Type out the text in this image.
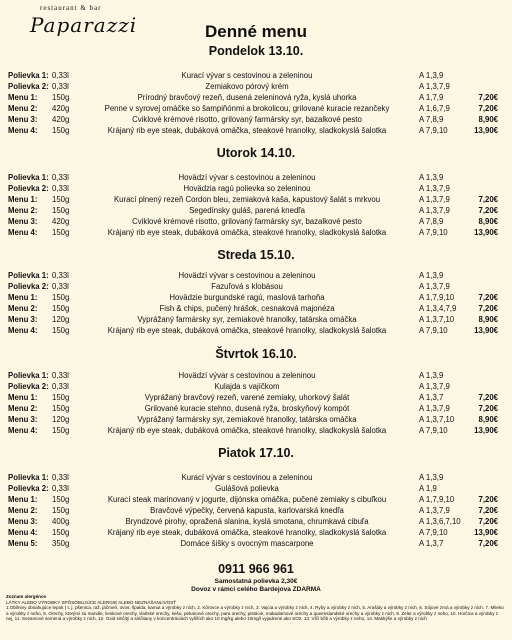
restaurant & bar
Paparazzi	Denné menu
Pondelok 13.10.
Polievka 1: 0,33l	Kurací vývar s cestovinou a zeleninou	A 1,3,9
Polievka 2: 0,33l	Zemiakovo pórový krém	A 1,3,7,9
Menu 1: 150g	Prírodný bravčový rezeň, dusená zeleninová ryža, kyslá uhorka	A 1,7,9	7,20€
Menu 2: 420g	Penne v syrovej omáčke so šampiňónmi a brokolicou, grilované kuracie rezančeky	A 1,6,7,9	7,20€
Menu 3: 420g	Cviklové krémové risotto, grilovaný farmársky syr, bazalkové pesto	A 7,8,9	8,90€
Menu 4: 150g	Krájaný rib eye steak, dubáková omáčka, steakové hranolky, sladkokyslá šalotka	A 7,9,10	13,90€
Utorok 14.10.
Polievka 1: 0,33l	Hovädzí vývar s cestovinou a zeleninou	A 1,3,9
Polievka 2: 0,33l	Hovädzia ragú polievka so zeleninou	A 1,3,7,9
Menu 1: 150g	Kurací plnený rezeň Cordon bleu, zemiaková kaša, kapustový šalát s mrkvou	A 1,3,7,9	7,20€
Menu 2: 150g	Segedínsky guláš, parená knedľa	A 1,3,7,9	7,20€
Menu 3: 420g	Cviklové krémové risotto, grilovaný farmársky syr, bazalkové pesto	A 7,8,9	8,90€
Menu 4: 150g	Krájaný rib eye steak, dubáková omáčka, steakové hranolky, sladkokyslá šalotka	A 7,9,10	13,90€
Streda 15.10.
Polievka 1: 0,33l	Hovädzí vývar s cestovinou a zeleninou	A 1,3,9
Polievka 2: 0,33l	Fazuľová s klobásou	A 1,3,7,9
Menu 1: 150g	Hovädzie burgundské ragú, maslová tarhoňa	A 1,7,9,10	7,20€
Menu 2: 150g	Fish & chips, pučený hrášok, cesnaková majonéza	A 1,3,4,7,9	7,20€
Menu 3: 120g	Vyprážaný farmársky syr, zemiakové hranolky, tatárska omáčka	A 1,3,7,10	8,90€
Menu 4: 150g	Krájaný rib eye steak, dubáková omáčka, steakové hranolky, sladkokyslá šalotka	A 7,9,10	13,90€
Štvrtok 16.10.
Polievka 1: 0,33l	Hovädzí vývar s cestovinou a zeleninou	A 1,3,9
Polievka 2: 0,33l	Kulajda s vajíčkom	A 1,3,7,9
Menu 1: 150g	Vyprážaný bravčový rezeň, varené zemiaky, uhorkový šalát	A 1,3,7	7,20€
Menu 2: 150g	Grilované kuracie stehno, dusená ryža, broskyňový kompót	A 1,3,7,9	7,20€
Menu 3: 120g	Vyprážaný farmársky syr, zemiakové hranolky, tatárska omáčka	A 1,3,7,10	8,90€
Menu 4: 150g	Krájaný rib eye steak, dubáková omáčka, steakové hranolky, sladkokyslá šalotka	A 7,9,10	13,90€
Piatok 17.10.
Polievka 1: 0,33l	Kurací vývar s cestovinou a zeleninou	A 1,3,9
Polievka 2: 0,33l	Gulášová polievka	A 1,9
Menu 1: 150g	Kurací steak marinovaný v jogurte, dijónska omáčka, pučené zemiaky s cibuľkou	A 1,7,9,10	7,20€
Menu 2: 150g	Bravčové výpečky, červená kapusta, karlovarská knedľa	A 1,3,7,9	7,20€
Menu 3: 400g	Bryndzové pirohy, opražená slanina, kyslá smotana, chrumkavá cibuľa	A 1,3,6,7,10	7,20€
Menu 4: 150g	Krájaný rib eye steak, dubáková omáčka, steakové hranolky, sladkokyslá šalotka	A 7,9,10	13,90€
Menu 5: 350g	Domáce šišky s ovocným mascarpone	A 1,3,7	7,20€
0911 966 961
Samostatná polievka 2,30€
Dovoz v rámci celého Bardejova ZDARMA
Zoznam alergénov
LÁTKY ALEBO VÝROBKY SPÔSOBUJÚCE ALERGIE ALEBO NEZNÁŠANLIVOSŤ
1.Obilniny obsahujúce lepok ( t. j. pšenica, raž, jačmeň, ovos, špalda, kamut a výrobky z nich, 2. Kôrovce a výrobky z nich, 3. Vajcia a výrobky z nich, 4. Ryby a výrobky z nich, 5. Arašidy a výrobky z nich, 6. Sójové zrná a výrobky z nich, 7. Mlieko a výrobky z neho, 8. Orechy, ktorými sú mandle, lieskové orechy, vlašské orechy, kešu, pekanové orechy, para orechy, pistácie, makadamové orechy a queenslandské orechy a výrobky z nich, 9. Zeler a výrobky z neho, 10. Horčica a výrobky z nej, 11. Sezamové semená a výrobky z nich, 12. Oxid siričitý a siričitany v koncentráciách vyšších ako 10 mg/kg alebo 10mg/l vyjadrené ako SO2, 13. Vlčí bôb a výrobky z neho, 14. Mäkkýše a výrobky z nich
